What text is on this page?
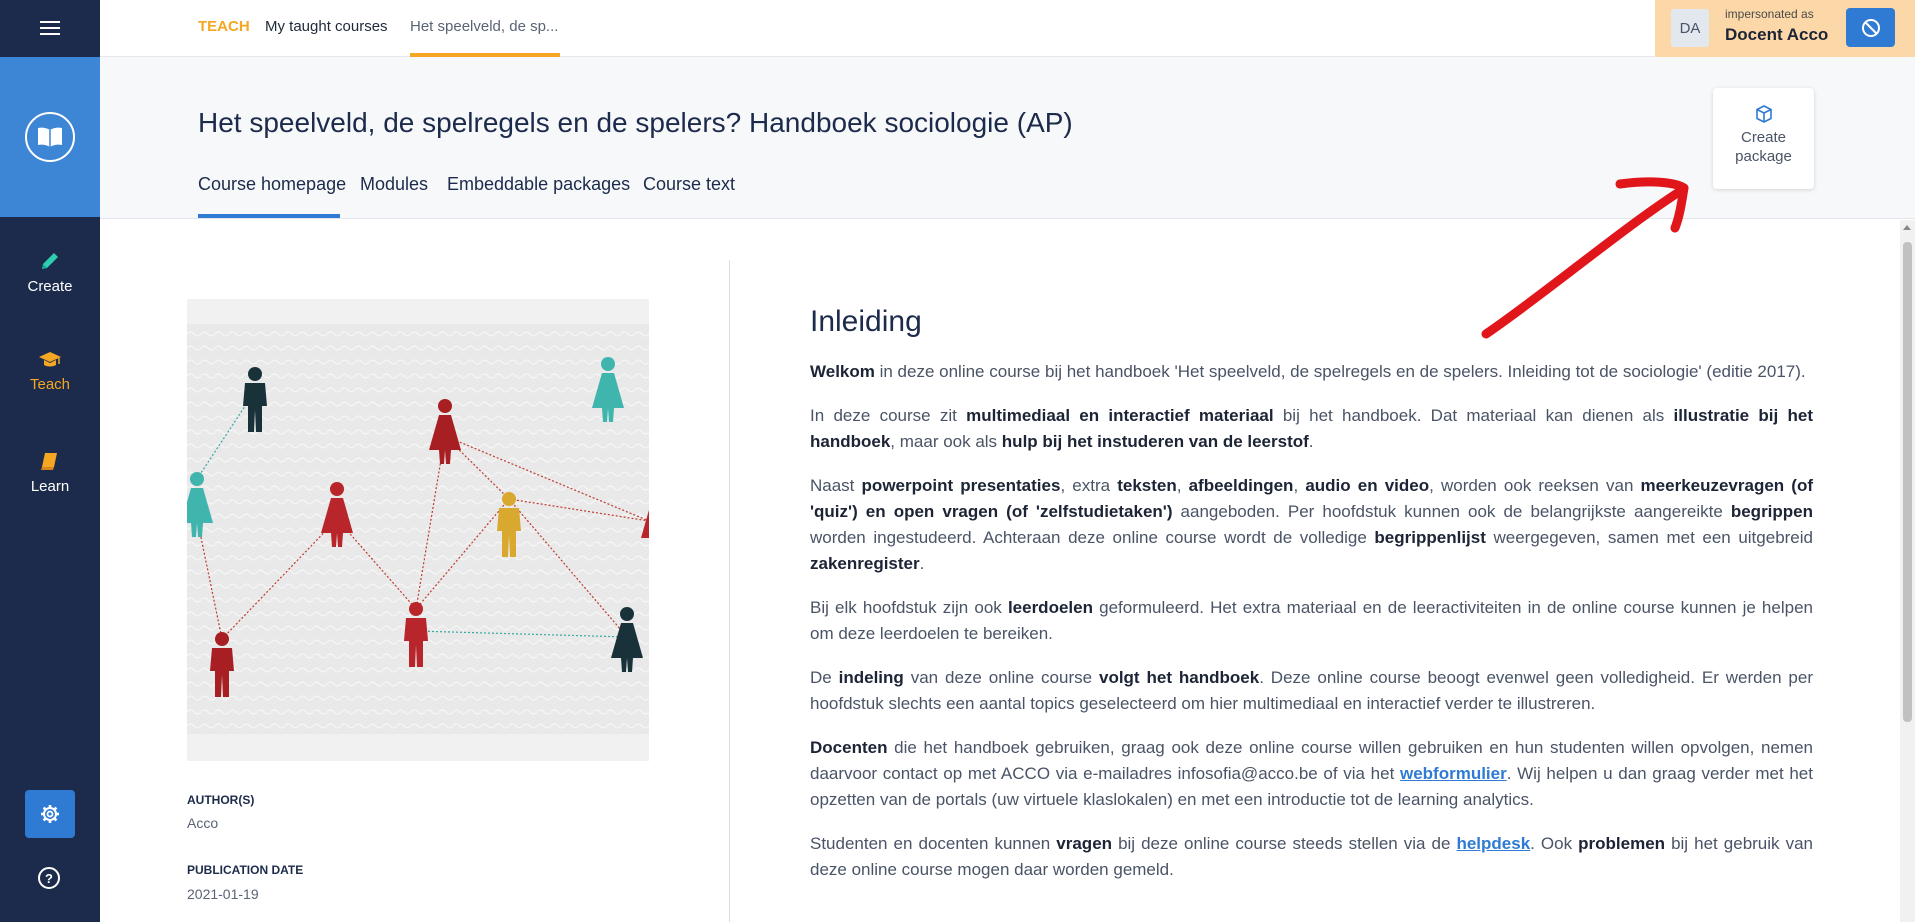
Create
Teach
Learn
?
TEACH My taught courses Het speelveld, de sp...	DA
impersonated as
Docent Acco
Het speelveld, de spelregels en de spelers? Handboek sociologie (AP)
Course homepage Modules Embeddable packages Course text
Create package
AUTHOR(S)
Acco
PUBLICATION DATE
2021-01-19
Inleiding

Welkom in deze online course bij het handboek 'Het speelveld, de spelregels en de spelers. Inleiding tot de sociologie' (editie 2017).

In deze course zit multimediaal en interactief materiaal bij het handboek. Dat materiaal kan dienen als illustratie bij het handboek, maar ook als hulp bij het instuderen van de leerstof.

Naast powerpoint presentaties, extra teksten, afbeeldingen, audio en video, worden ook reeksen van meerkeuzevragen (of 'quiz') en open vragen (of 'zelfstudietaken') aangeboden. Per hoofdstuk kunnen ook de belangrijkste aangereikte begrippen worden ingestudeerd. Achteraan deze online course wordt de volledige begrippenlijst weergegeven, samen met een uitgebreid zakenregister.

Bij elk hoofdstuk zijn ook leerdoelen geformuleerd. Het extra materiaal en de leeractiviteiten in de online course kunnen je helpen om deze leerdoelen te bereiken.

De indeling van deze online course volgt het handboek. Deze online course beoogt evenwel geen volledigheid. Er werden per hoofdstuk slechts een aantal topics geselecteerd om hier multimediaal en interactief verder te illustreren.

Docenten die het handboek gebruiken, graag ook deze online course willen gebruiken en hun studenten willen opvolgen, nemen daarvoor contact op met ACCO via e-mailadres infosofia@acco.be of via het webformulier. Wij helpen u dan graag verder met het opzetten van de portals (uw virtuele klaslokalen) en met een introductie tot de learning analytics.

Studenten en docenten kunnen vragen bij deze online course steeds stellen via de helpdesk. Ook problemen bij het gebruik van deze online course mogen daar worden gemeld.
